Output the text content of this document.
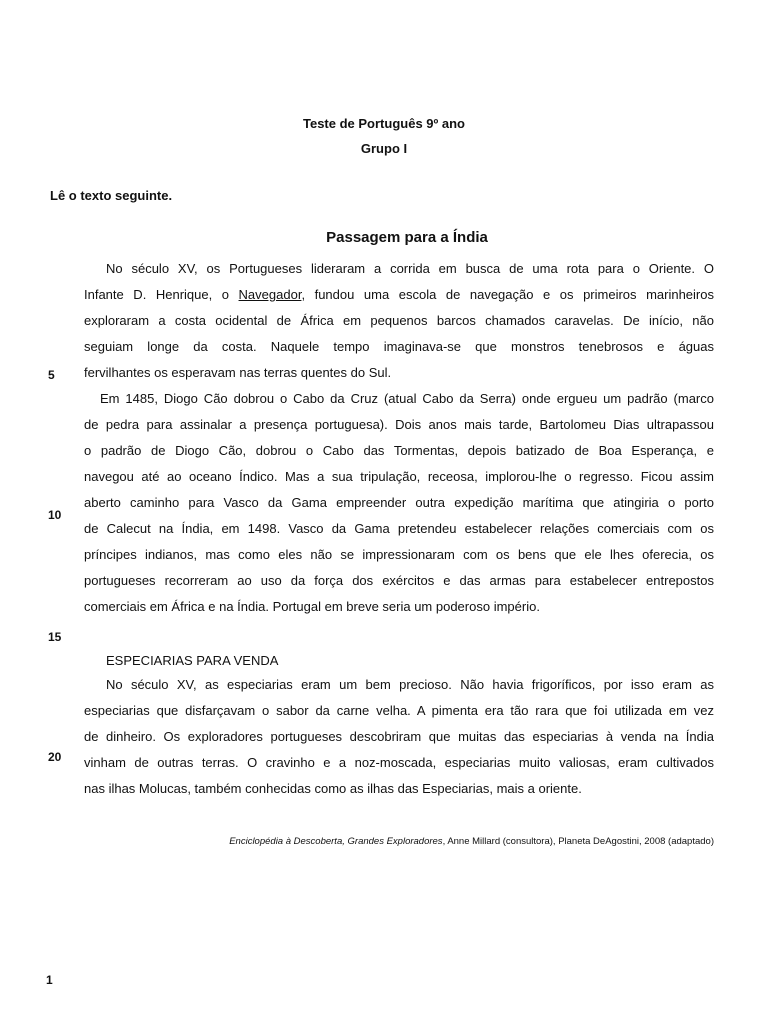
Teste de Português 9º ano
Grupo I
Lê o texto seguinte.
Passagem para a Índia
No século XV, os Portugueses lideraram a corrida em busca de uma rota para o Oriente. O
Infante D. Henrique, o Navegador, fundou uma escola de navegação e os primeiros marinheiros
exploraram a costa ocidental de África em pequenos barcos chamados caravelas. De início, não
seguiam longe da costa. Naquele tempo imaginava-se que monstros tenebrosos e águas
fervilhantes os esperavam nas terras quentes do Sul.
Em 1485, Diogo Cão dobrou o Cabo da Cruz (atual Cabo da Serra) onde ergueu um padrão (marco
de pedra para assinalar a presença portuguesa). Dois anos mais tarde, Bartolomeu Dias ultrapassou
o padrão de Diogo Cão, dobrou o Cabo das Tormentas, depois batizado de Boa Esperança, e
navegou até ao oceano Índico. Mas a sua tripulação, receosa, implorou-lhe o regresso. Ficou assim
aberto caminho para Vasco da Gama empreender outra expedição marítima que atingiria o porto
de Calecut na Índia, em 1498. Vasco da Gama pretendeu estabelecer relações comerciais com os
príncipes indianos, mas como eles não se impressionaram com os bens que ele lhes oferecia, os
portugueses recorreram ao uso da força dos exércitos e das armas para estabelecer entrepostos
comerciais em África e na Índia. Portugal em breve seria um poderoso império.
ESPECIARIAS PARA VENDA
No século XV, as especiarias eram um bem precioso. Não havia frigoríficos, por isso eram as
especiarias que disfarçavam o sabor da carne velha. A pimenta era tão rara que foi utilizada em vez
de dinheiro. Os exploradores portugueses descobriram que muitas das especiarias à venda na Índia
vinham de outras terras. O cravinho e a noz-moscada, especiarias muito valiosas, eram cultivados
nas ilhas Molucas, também conhecidas como as ilhas das Especiarias, mais a oriente.
5
10
15
20
Enciclopédia à Descoberta, Grandes Exploradores, Anne Millard (consultora), Planeta DeAgostini, 2008 (adaptado)
1
